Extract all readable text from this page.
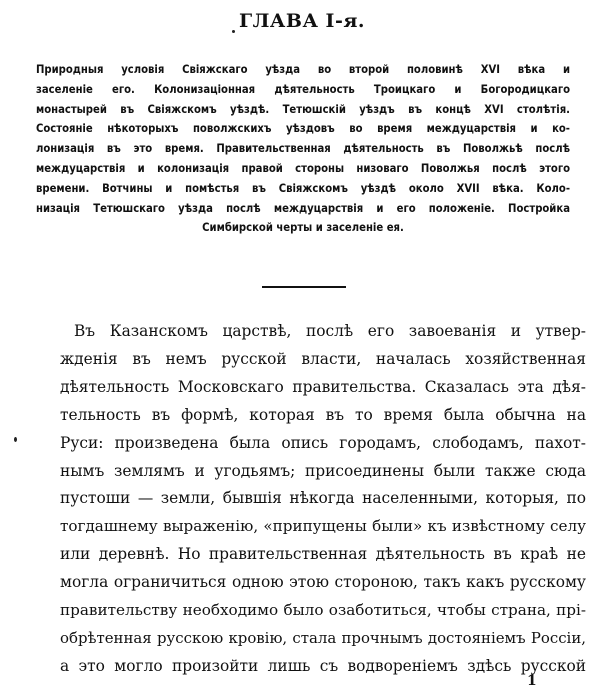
ГЛАВА I-я.
Природныя условія Свіяжскаго уѣзда во второй половинѣ XVI вѣка и
заселеніе его. Колонизаціонная дѣятельность Троицкаго и Богородицкаго
монастырей въ Свіяжскомъ уѣздѣ. Тетюшскій уѣздъ въ концѣ XVI столѣтія.
Состояніе нѣкоторыхъ поволжскихъ уѣздовъ во время междуцарствія и ко-
лонизація въ это время. Правительственная дѣятельность въ Поволжьѣ послѣ
междуцарствія и колонизація правой стороны низоваго Поволжья послѣ этого
времени. Вотчины и помѣстья въ Свіяжскомъ уѣздѣ около XVII вѣка. Коло-
низація Тетюшскаго уѣзда послѣ междуцарствія и его положеніе. Постройка
Симбирской черты и заселеніе ея.
Въ Казанскомъ царствѣ, послѣ его завоеванія и утвер-
жденія въ немъ русской власти, началась хозяйственная
дѣятельность Московскаго правительства. Сказалась эта дѣя-
тельность въ формѣ, которая въ то время была обычна на
Руси: произведена была опись городамъ, слободамъ, пахот-
нымъ землямъ и угодьямъ; присоединены были также сюда
пустоши — земли, бывшія нѣкогда населенными, которыя, по
тогдашнему выраженію, «припущены были» къ извѣстному селу
или деревнѣ. Но правительственная дѣятельность въ краѣ не
могла ограничиться одною этою стороною, такъ какъ русскому
правительству необходимо было озаботиться, чтобы страна, прі-
обрѣтенная русскою кровію, стала прочнымъ достояніемъ Россіи,
а это могло произойти лишь съ водвореніемъ здѣсь русской
1
